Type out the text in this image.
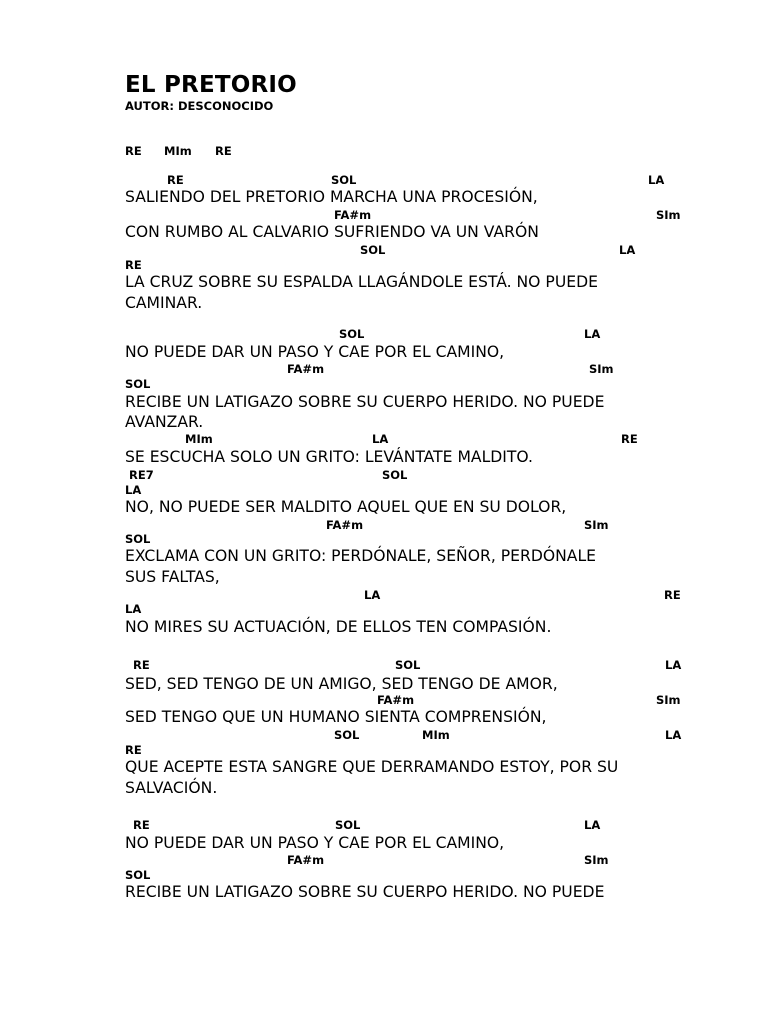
EL PRETORIO
AUTOR: DESCONOCIDO
RE MIm RE
RE	SOL	LA
SALIENDO DEL PRETORIO MARCHA UNA PROCESIÓN,
FA#m	SIm
CON RUMBO AL CALVARIO SUFRIENDO VA UN VARÓN
SOL	LA
RE
LA CRUZ SOBRE SU ESPALDA LLAGÁNDOLE ESTÁ. NO PUEDE
CAMINAR.
SOL	LA
NO PUEDE DAR UN PASO Y CAE POR EL CAMINO,
FA#m	SIm
SOL
RECIBE UN LATIGAZO SOBRE SU CUERPO HERIDO. NO PUEDE
AVANZAR.
MIm	LA	RE
SE ESCUCHA SOLO UN GRITO: LEVÁNTATE MALDITO.
RE7	SOL
LA
NO, NO PUEDE SER MALDITO AQUEL QUE EN SU DOLOR,
FA#m	SIm
SOL
EXCLAMA CON UN GRITO: PERDÓNALE, SEÑOR, PERDÓNALE
SUS FALTAS,
LA	RE
LA
NO MIRES SU ACTUACIÓN, DE ELLOS TEN COMPASIÓN.
RE	SOL	LA
SED, SED TENGO DE UN AMIGO, SED TENGO DE AMOR,
FA#m	SIm
SED TENGO QUE UN HUMANO SIENTA COMPRENSIÓN,
SOL	MIm	LA
RE
QUE ACEPTE ESTA SANGRE QUE DERRAMANDO ESTOY, POR SU
SALVACIÓN.
RE	SOL	LA
NO PUEDE DAR UN PASO Y CAE POR EL CAMINO,
FA#m	SIm
SOL
RECIBE UN LATIGAZO SOBRE SU CUERPO HERIDO. NO PUEDE
